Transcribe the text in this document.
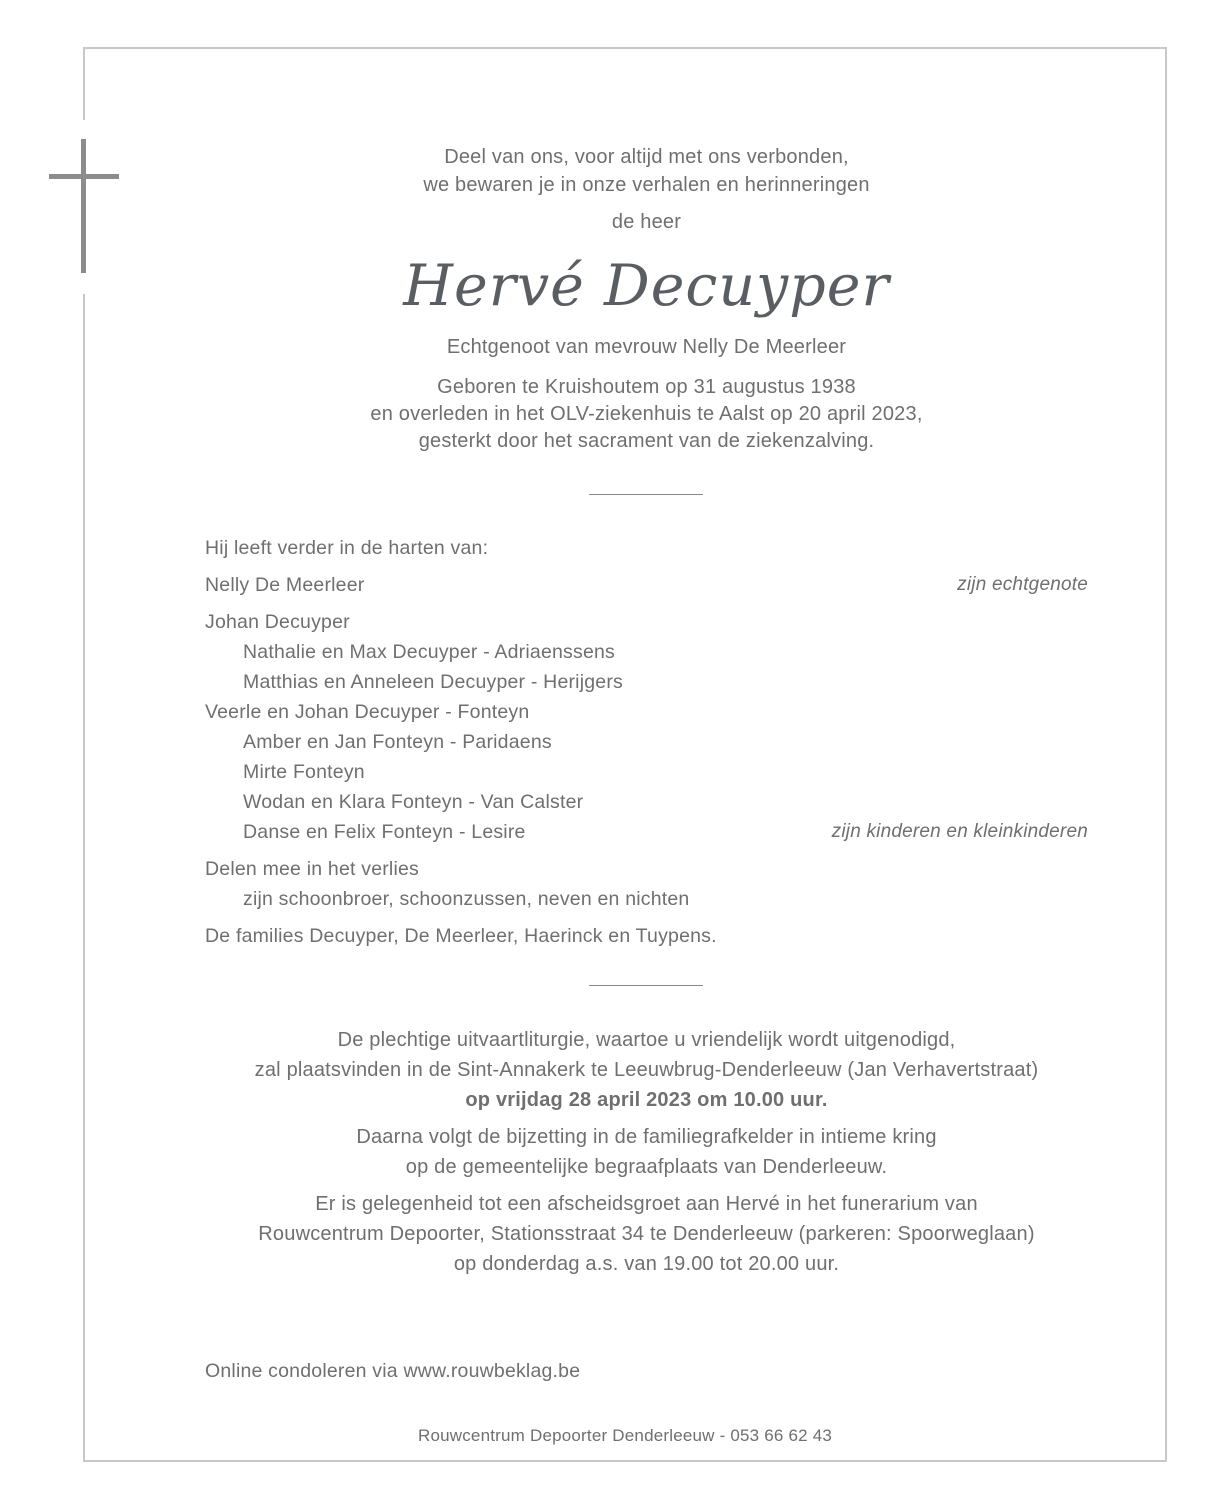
Deel van ons, voor altijd met ons verbonden,
we bewaren je in onze verhalen en herinneringen
de heer
Hervé Decuyper
Echtgenoot van mevrouw Nelly De Meerleer
Geboren te Kruishoutem op 31 augustus 1938
en overleden in het OLV-ziekenhuis te Aalst op 20 april 2023,
gesterkt door het sacrament van de ziekenzalving.
Hij leeft verder in de harten van:
Nelly De Meerleer	zijn echtgenote
Johan Decuyper
Nathalie en Max Decuyper - Adriaenssens
Matthias en Anneleen Decuyper - Herijgers
Veerle en Johan Decuyper - Fonteyn
Amber en Jan Fonteyn - Paridaens
Mirte Fonteyn
Wodan en Klara Fonteyn - Van Calster
Danse en Felix Fonteyn - Lesire	zijn kinderen en kleinkinderen
Delen mee in het verlies
zijn schoonbroer, schoonzussen, neven en nichten
De families Decuyper, De Meerleer, Haerinck en Tuypens.
De plechtige uitvaartliturgie, waartoe u vriendelijk wordt uitgenodigd,
zal plaatsvinden in de Sint-Annakerk te Leeuwbrug-Denderleeuw (Jan Verhavertstraat)
op vrijdag 28 april 2023 om 10.00 uur.
Daarna volgt de bijzetting in de familiegrafkelder in intieme kring
op de gemeentelijke begraafplaats van Denderleeuw.
Er is gelegenheid tot een afscheidsgroet aan Hervé in het funerarium van
Rouwcentrum Depoorter, Stationsstraat 34 te Denderleeuw (parkeren: Spoorweglaan)
op donderdag a.s. van 19.00 tot 20.00 uur.
Online condoleren via www.rouwbeklag.be
Rouwcentrum Depoorter Denderleeuw - 053 66 62 43
